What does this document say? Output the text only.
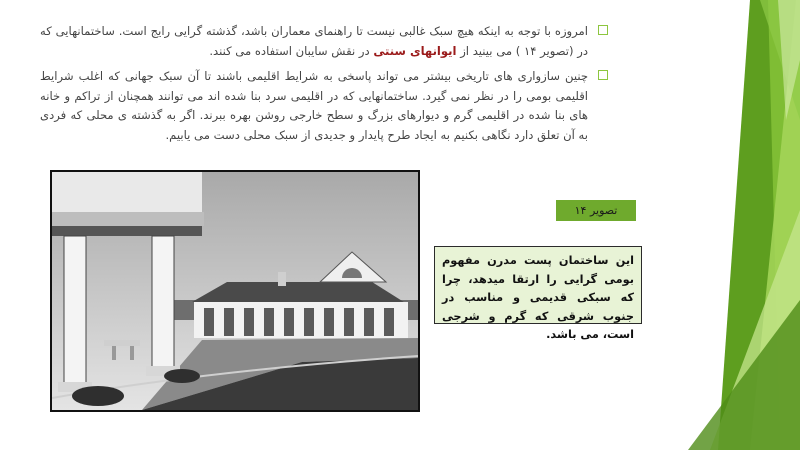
امروزه با توجه به اینکه هیچ سبک غالبی نیست تا راهنمای معماران باشد، گذشته گرایی رایج است. ساختمانهایی که در (تصویر ۱۴ ) می بینید از ایوانهای سنتی در نقش سایبان استفاده می کنند.
چنین سازواری های تاریخی بیشتر می تواند پاسخی به شرایط اقلیمی باشند تا آن سبک جهانی که اغلب شرایط اقلیمی بومی را در نظر نمی گیرد. ساختمانهایی که در اقلیمی سرد بنا شده اند می توانند همچنان از تراکم و خانه های بنا شده در اقلیمی گرم و دیوارهای بزرگ و سطح خارجی روشن بهره ببرند. اگر به گذشته ی محلی که فردی به آن تعلق دارد نگاهی بکنیم به ایجاد طرح پایدار و جدیدی از سبک محلی دست می یابیم.
تصویر ۱۴
این ساختمان پست مدرن مفهوم بومی گرایی را ارتقا میدهد، چرا که سبکی قدیمی و مناسب در جنوب شرقی که گرم و شرجی است، می باشد.
